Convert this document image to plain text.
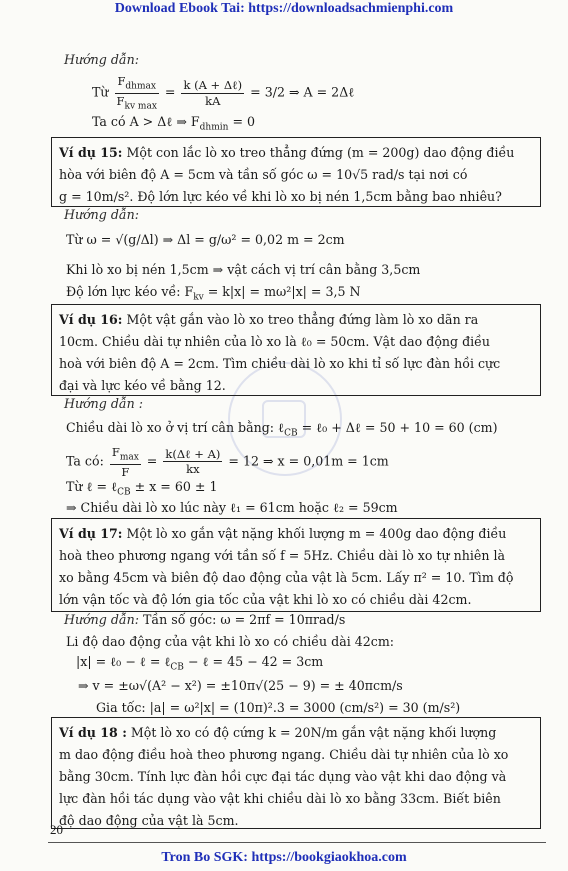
Download Ebook Tai: https://downloadsachmienphi.com
Hướng dẫn:
Từ $\frac{F_{dhmax}}{F_{kv max}} = \frac{\text{k (A + Δℓ)}}{kA} = 3/2$ ⇒ A = 2Δℓ
Ta có A > Δℓ ⇒ $F_{dhmin} = 0$
Ví dụ 15: Một con lắc lò xo treo thẳng đứng (m = 200g) dao động điều
hòa với biên độ A = 5cm và tần số góc ω = 10√5 rad/s tại nơi có
g = 10m/s². Độ lớn lực kéo về khi lò xo bị nén 1,5cm bằng bao nhiêu?
Hướng dẫn:
Từ ω = √(g/Δl) ⇒ Δl = g/ω² = 0,02 m = 2cm
Khi lò xo bị nén 1,5cm ⇒ vật cách vị trí cân bằng 3,5cm
Độ lớn lực kéo về: $F_{kv} = k|x| = m\omega^2|x| = 3,5$ N
Ví dụ 16: Một vật gắn vào lò xo treo thẳng đứng làm lò xo dãn ra
10cm. Chiều dài tự nhiên của lò xo là ℓ₀ = 50cm. Vật dao động điều
hoà với biên độ A = 2cm. Tìm chiều dài lò xo khi tỉ số lực đàn hồi cực
đại và lực kéo về bằng 12.
Hướng dẫn :
Chiều dài lò xo ở vị trí cân bằng: ℓ$_{CB}$ = ℓ₀ + Δℓ = 50 + 10 = 60 (cm)
Ta có: $\frac{F_{max}}{F} = \frac{\text{k(Δℓ + A)}}{kx} = 12$ ⇒ x = 0,01m = 1cm
Từ ℓ = ℓ$_{CB}$ ± x = 60 ± 1
⇒ Chiều dài lò xo lúc này ℓ₁ = 61cm hoặc ℓ₂ = 59cm
Ví dụ 17: Một lò xo gắn vật nặng khối lượng m = 400g dao động điều
hoà theo phương ngang với tần số f = 5Hz. Chiều dài lò xo tự nhiên là
xo bằng 45cm và biên độ dao động của vật là 5cm. Lấy π² = 10. Tìm độ
lớn vận tốc và độ lớn gia tốc của vật khi lò xo có chiều dài 42cm.
Hướng dẫn: Tần số góc: ω = 2πf = 10πrad/s
Li độ dao động của vật khi lò xo có chiều dài 42cm:
|x| = ℓ₀ − ℓ = ℓ$_{CB}$ − ℓ = 45 − 42 = 3cm
⇒ v = ±ω√(A² − x²) = ±10π√(25 − 9) = ± 40πcm/s
Gia tốc: |a| = ω²|x| = (10π)².3 = 3000 (cm/s²) = 30 (m/s²)
Ví dụ 18 : Một lò xo có độ cứng k = 20N/m gắn vật nặng khối lượng
m dao động điều hoà theo phương ngang. Chiều dài tự nhiên của lò xo
bằng 30cm. Tính lực đàn hồi cực đại tác dụng vào vật khi dao động và
lực đàn hồi tác dụng vào vật khi chiều dài lò xo bằng 33cm. Biết biên
độ dao động của vật là 5cm.
20
Tron Bo SGK: https://bookgiaokhoa.com
